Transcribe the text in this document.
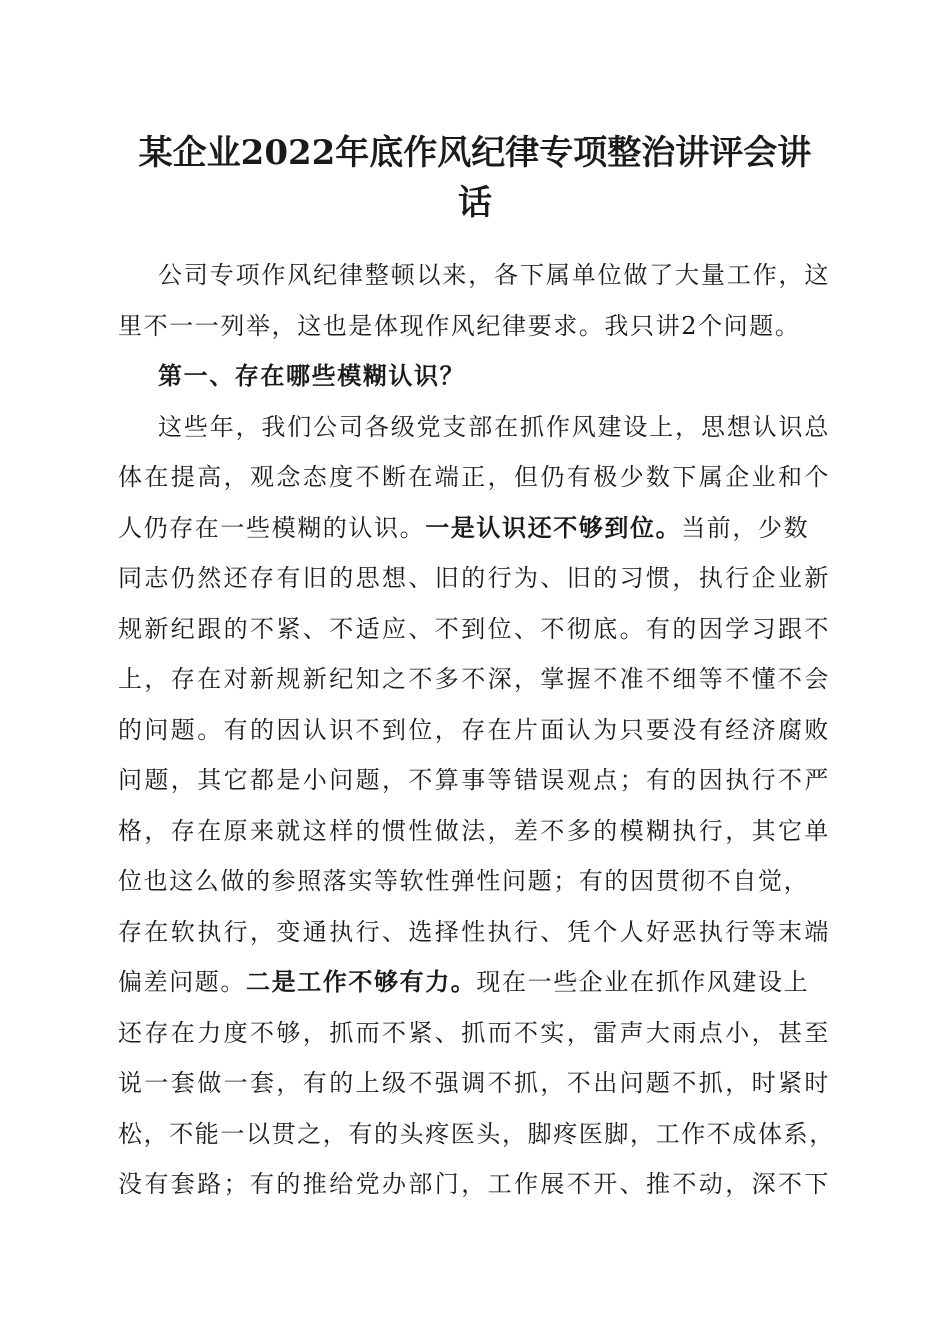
某企业2022年底作风纪律专项整治讲评会讲
话
公司专项作风纪律整顿以来，各下属单位做了大量工作，这
里不一一列举，这也是体现作风纪律要求。我只讲2个问题。
第一、存在哪些模糊认识？
这些年，我们公司各级党支部在抓作风建设上，思想认识总
体在提高，观念态度不断在端正，但仍有极少数下属企业和个
人仍存在一些模糊的认识。一是认识还不够到位。当前，少数
同志仍然还存有旧的思想、旧的行为、旧的习惯，执行企业新
规新纪跟的不紧、不适应、不到位、不彻底。有的因学习跟不
上，存在对新规新纪知之不多不深，掌握不准不细等不懂不会
的问题。有的因认识不到位，存在片面认为只要没有经济腐败
问题，其它都是小问题，不算事等错误观点；有的因执行不严
格，存在原来就这样的惯性做法，差不多的模糊执行，其它单
位也这么做的参照落实等软性弹性问题；有的因贯彻不自觉，
存在软执行，变通执行、选择性执行、凭个人好恶执行等末端
偏差问题。二是工作不够有力。现在一些企业在抓作风建设上
还存在力度不够，抓而不紧、抓而不实，雷声大雨点小，甚至
说一套做一套，有的上级不强调不抓，不出问题不抓，时紧时
松，不能一以贯之，有的头疼医头，脚疼医脚，工作不成体系，
没有套路；有的推给党办部门，工作展不开、推不动，深不下
